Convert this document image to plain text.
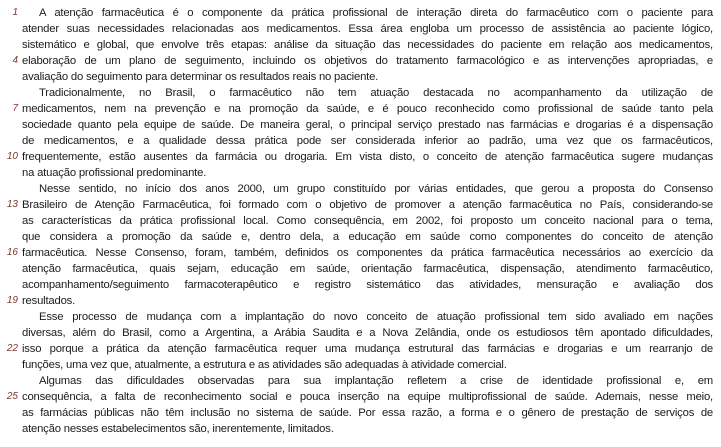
1	A atenção farmacêutica é o componente da prática profissional de interação direta do farmacêutico com o paciente para
atender suas necessidades relacionadas aos medicamentos. Essa área engloba um processo de assistência ao paciente lógico,
sistemático e global, que envolve três etapas: análise da situação das necessidades do paciente em relação aos medicamentos,
4 elaboração de um plano de seguimento, incluindo os objetivos do tratamento farmacológico e as intervenções apropriadas, e
avaliação do seguimento para determinar os resultados reais no paciente.
Tradicionalmente, no Brasil, o farmacêutico não tem atuação destacada no acompanhamento da utilização de
7 medicamentos, nem na prevenção e na promoção da saúde, e é pouco reconhecido como profissional de saúde tanto pela
sociedade quanto pela equipe de saúde. De maneira geral, o principal serviço prestado nas farmácias e drogarias é a dispensação
de medicamentos, e a qualidade dessa prática pode ser considerada inferior ao padrão, uma vez que os farmacêuticos,
10 frequentemente, estão ausentes da farmácia ou drogaria. Em vista disto, o conceito de atenção farmacêutica sugere mudanças
na atuação profissional predominante.
Nesse sentido, no início dos anos 2000, um grupo constituído por várias entidades, que gerou a proposta do Consenso
13 Brasileiro de Atenção Farmacêutica, foi formado com o objetivo de promover a atenção farmacêutica no País, considerando-se
as características da prática profissional local. Como consequência, em 2002, foi proposto um conceito nacional para o tema,
que considera a promoção da saúde e, dentro dela, a educação em saúde como componentes do conceito de atenção
16 farmacêutica. Nesse Consenso, foram, também, definidos os componentes da prática farmacêutica necessários ao exercício da
atenção farmacêutica, quais sejam, educação em saúde, orientação farmacêutica, dispensação, atendimento farmacêutico,
acompanhamento/seguimento farmacoterapêutico e registro sistemático das atividades, mensuração e avaliação dos
19 resultados.
Esse processo de mudança com a implantação do novo conceito de atuação profissional tem sido avaliado em nações
diversas, além do Brasil, como a Argentina, a Arábia Saudita e a Nova Zelândia, onde os estudiosos têm apontado dificuldades,
22 isso porque a prática da atenção farmacêutica requer uma mudança estrutural das farmácias e drogarias e um rearranjo de
funções, uma vez que, atualmente, a estrutura e as atividades são adequadas à atividade comercial.
Algumas das dificuldades observadas para sua implantação refletem a crise de identidade profissional e, em
25 consequência, a falta de reconhecimento social e pouca inserção na equipe multiprofissional de saúde. Ademais, nesse meio,
as farmácias públicas não têm inclusão no sistema de saúde. Por essa razão, a forma e o gênero de prestação de serviços de
atenção nesses estabelecimentos são, inerentemente, limitados.
